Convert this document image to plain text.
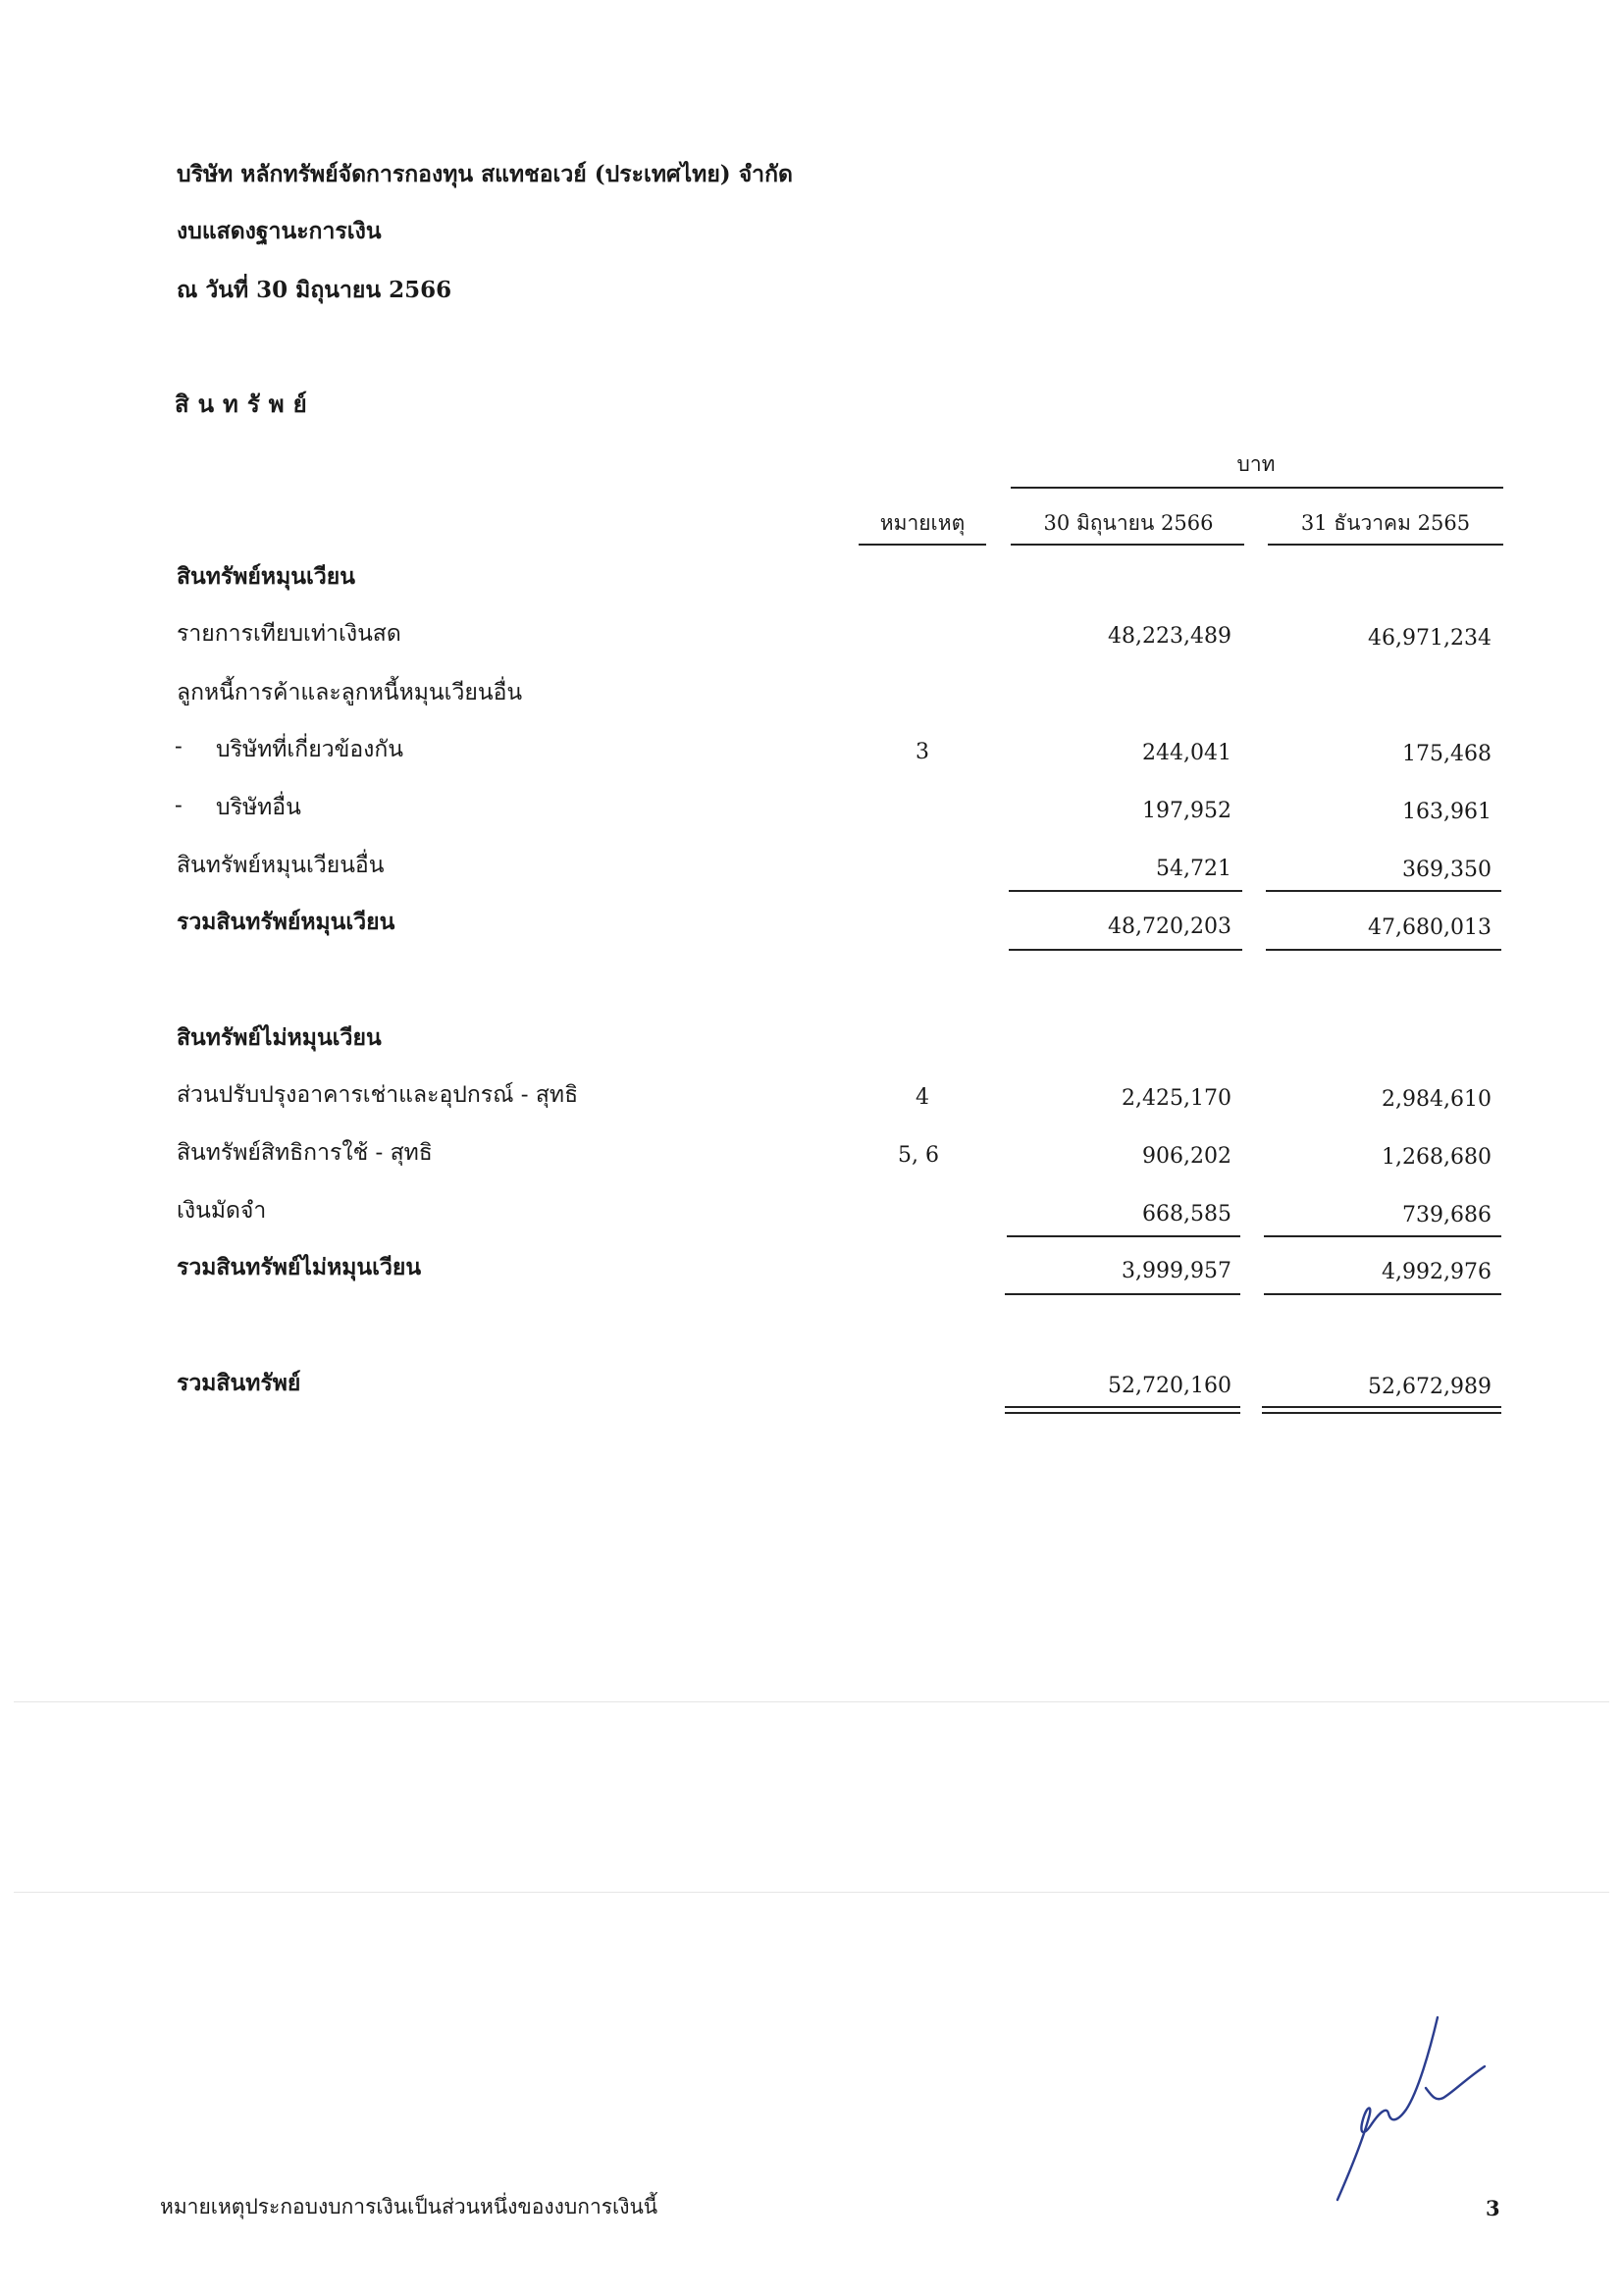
บริษัท หลักทรัพย์จัดการกองทุน สแทชอเวย์ (ประเทศไทย) จำกัด
งบแสดงฐานะการเงิน
ณ วันที่ 30 มิถุนายน 2566
สินทรัพย์
บาท
หมายเหตุ	30 มิถุนายน 2566	31 ธันวาคม 2565
สินทรัพย์หมุนเวียน
รายการเทียบเท่าเงินสด	48,223,489	46,971,234
ลูกหนี้การค้าและลูกหนี้หมุนเวียนอื่น
- บริษัทที่เกี่ยวข้องกัน	3	244,041	175,468
- บริษัทอื่น	197,952	163,961
สินทรัพย์หมุนเวียนอื่น	54,721	369,350
รวมสินทรัพย์หมุนเวียน	48,720,203	47,680,013
สินทรัพย์ไม่หมุนเวียน
ส่วนปรับปรุงอาคารเช่าและอุปกรณ์ - สุทธิ	4	2,425,170	2,984,610
สินทรัพย์สิทธิการใช้ - สุทธิ	5, 6	906,202	1,268,680
เงินมัดจำ	668,585	739,686
รวมสินทรัพย์ไม่หมุนเวียน	3,999,957	4,992,976
รวมสินทรัพย์	52,720,160	52,672,989
หมายเหตุประกอบงบการเงินเป็นส่วนหนึ่งของงบการเงินนี้	3
